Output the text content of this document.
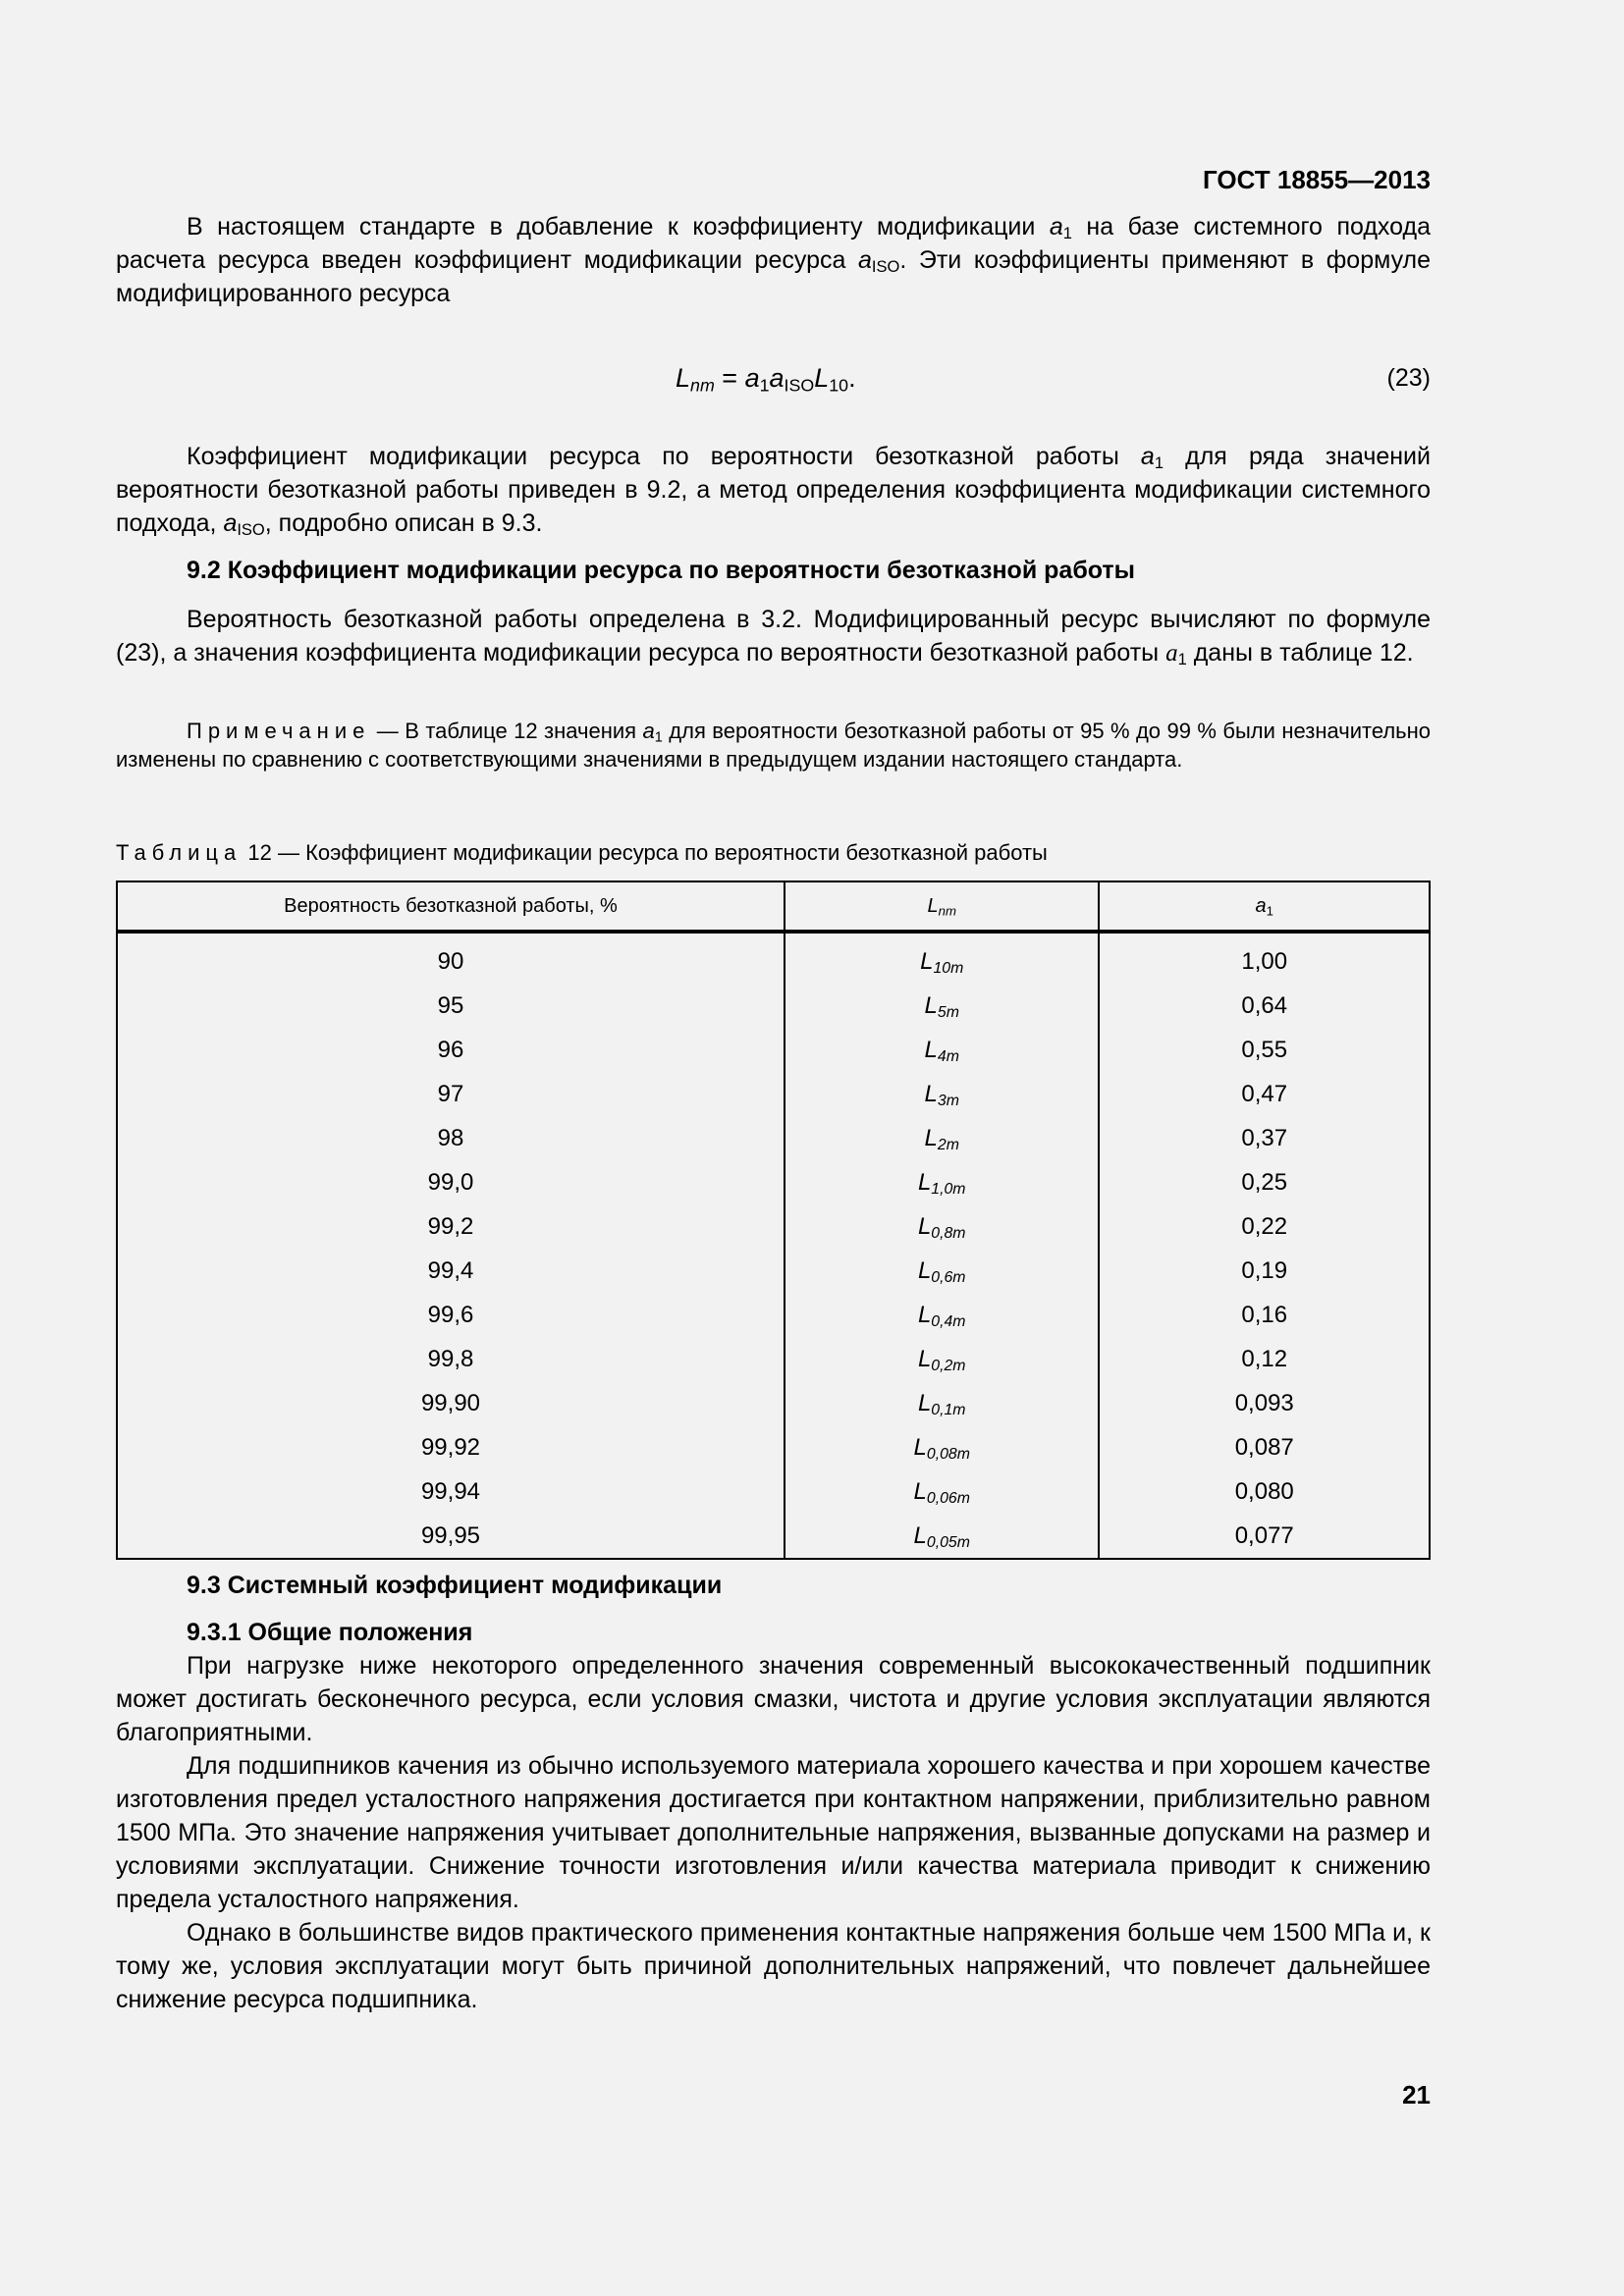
ГОСТ 18855—2013

В настоящем стандарте в добавление к коэффициенту модификации $a_1$ на базе системного подхода расчета ресурса введен коэффициент модификации ресурса $a_{ISO}$. Эти коэффициенты применяют в формуле модифицированного ресурса

$L_{nm} = a_1a_{ISO}L_{10}$.	(23)

Коэффициент модификации ресурса по вероятности безотказной работы $a_1$ для ряда значений вероятности безотказной работы приведен в 9.2, а метод определения коэффициента модификации системного подхода, $a_{ISO}$, подробно описан в 9.3.

9.2 Коэффициент модификации ресурса по вероятности безотказной работы

Вероятность безотказной работы определена в 3.2. Модифицированный ресурс вычисляют по формуле (23), а значения коэффициента модификации ресурса по вероятности безотказной работы $a_1$ даны в таблице 12.

Примечание — В таблице 12 значения $a_1$ для вероятности безотказной работы от 95 % до 99 % были незначительно изменены по сравнению с соответствующими значениями в предыдущем издании настоящего стандарта.

Таблица 12 — Коэффициент модификации ресурса по вероятности безотказной работы
Вероятность безотказной работы, %	$L_{nm}$	$a_1$
90	$L_{10m}$	1,00
95	$L_{5m}$	0,64
96	$L_{4m}$	0,55
97	$L_{3m}$	0,47
98	$L_{2m}$	0,37
99,0	$L_{1,0m}$	0,25
99,2	$L_{0,8m}$	0,22
99,4	$L_{0,6m}$	0,19
99,6	$L_{0,4m}$	0,16
99,8	$L_{0,2m}$	0,12
99,90	$L_{0,1m}$	0,093
99,92	$L_{0,08m}$	0,087
99,94	$L_{0,06m}$	0,080
99,95	$L_{0,05m}$	0,077
9.3 Системный коэффициент модификации
9.3.1 Общие положения

При нагрузке ниже некоторого определенного значения современный высококачественный подшипник может достигать бесконечного ресурса, если условия смазки, чистота и другие условия эксплуатации являются благоприятными.

Для подшипников качения из обычно используемого материала хорошего качества и при хорошем качестве изготовления предел усталостного напряжения достигается при контактном напряжении, приблизительно равном 1500 МПа. Это значение напряжения учитывает дополнительные напряжения, вызванные допусками на размер и условиями эксплуатации. Снижение точности изготовления и/или качества материала приводит к снижению предела усталостного напряжения.

Однако в большинстве видов практического применения контактные напряжения больше чем 1500 МПа и, к тому же, условия эксплуатации могут быть причиной дополнительных напряжений, что повлечет дальнейшее снижение ресурса подшипника.

21
